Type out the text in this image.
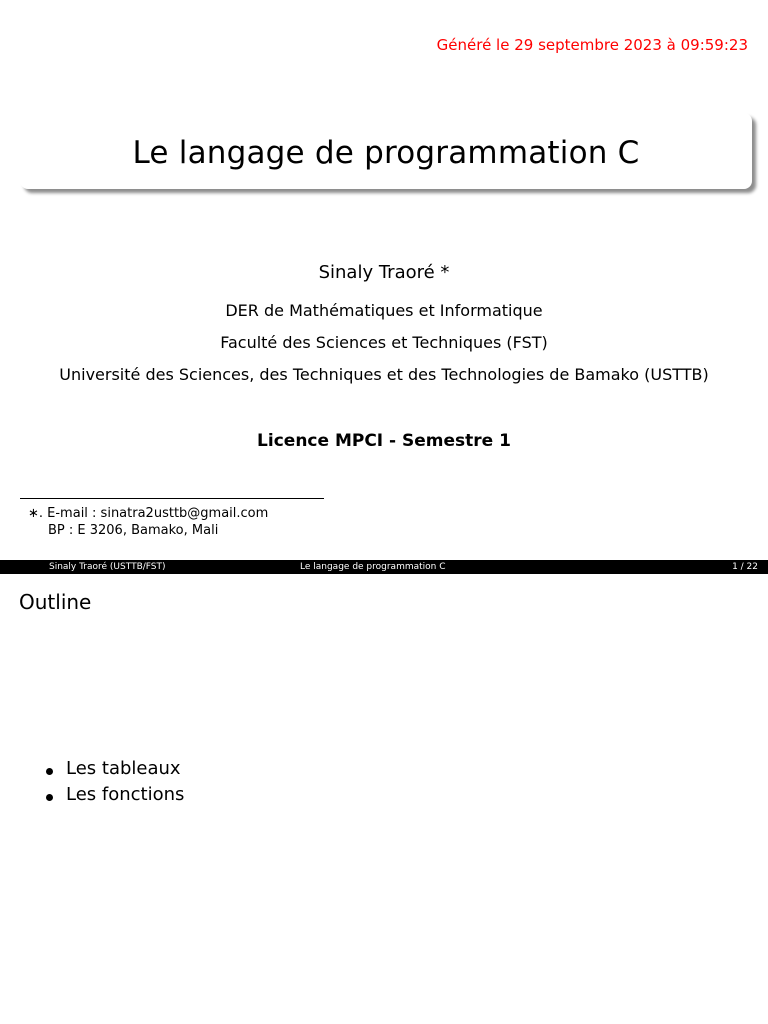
Généré le 29 septembre 2023 à 09:59:23
Le langage de programmation C
Sinaly Traoré *
DER de Mathématiques et Informatique
Faculté des Sciences et Techniques (FST)
Université des Sciences, des Techniques et des Technologies de Bamako (USTTB)
Licence MPCI - Semestre 1
∗. E-mail : sinatra2usttb@gmail.com
BP : E 3206, Bamako, Mali
Sinaly Traoré (USTTB/FST)	Le langage de programmation C	1 / 22
Outline
Les tableaux
Les fonctions
